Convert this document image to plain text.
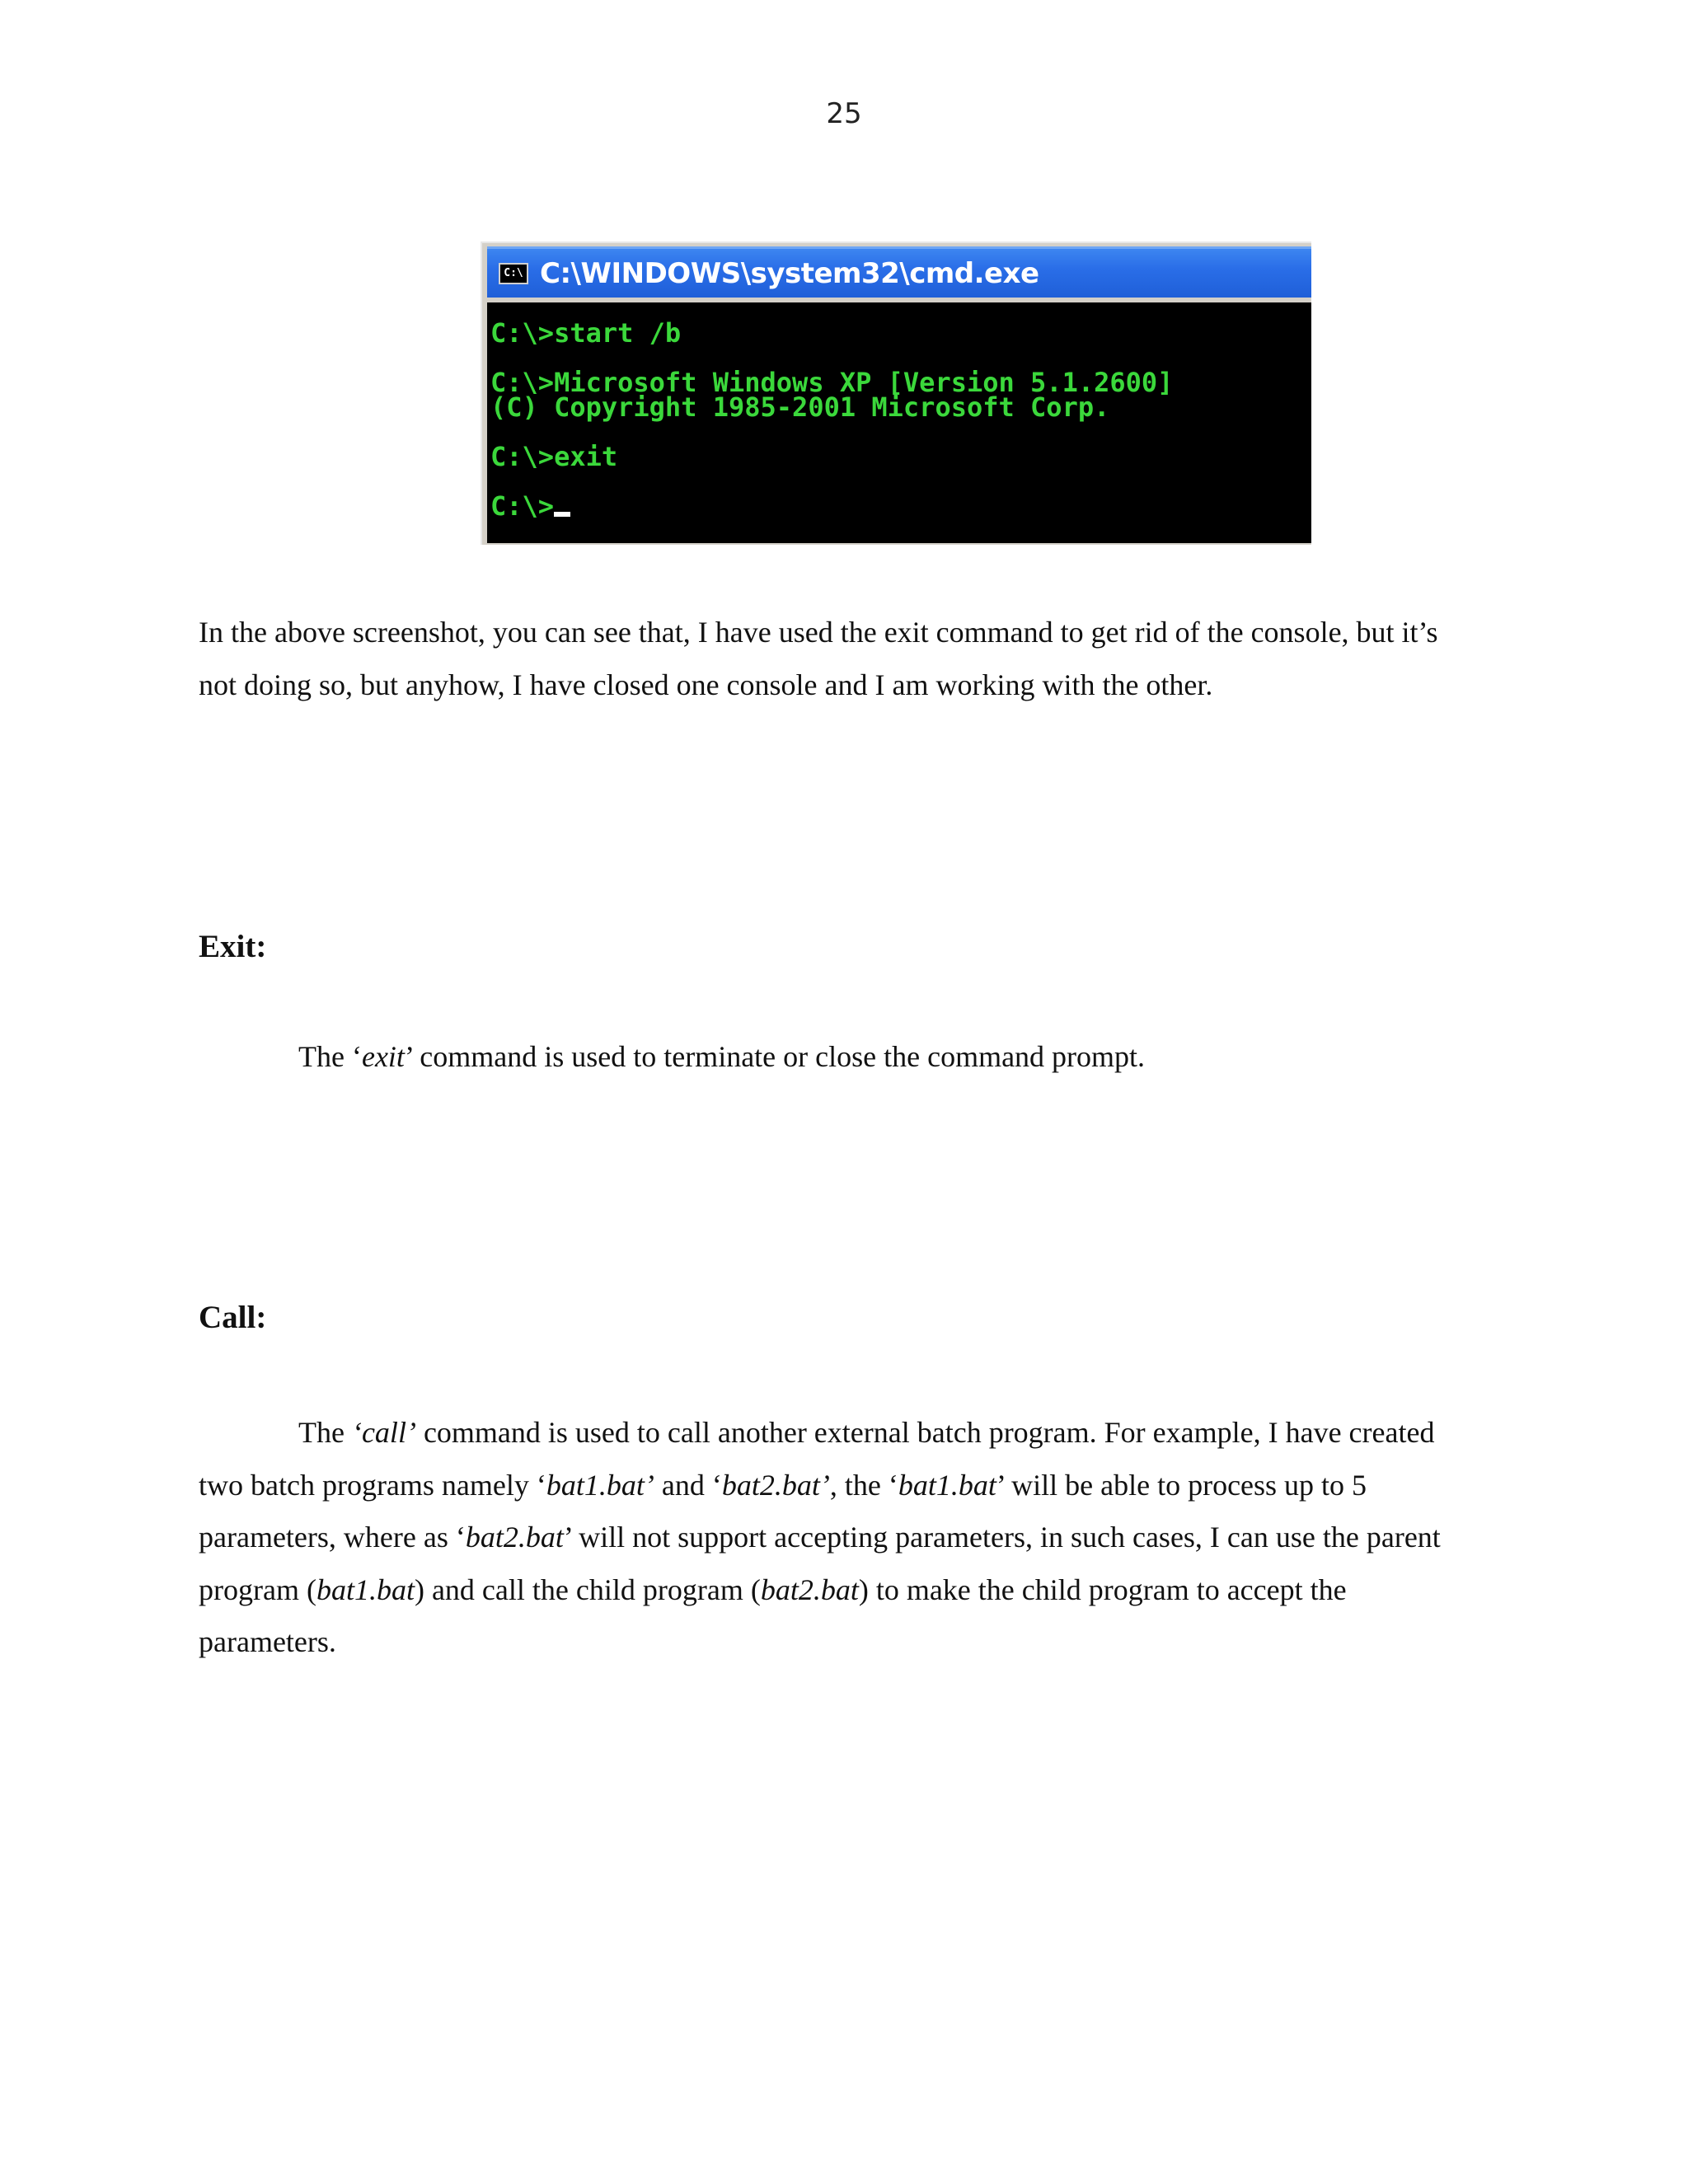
25
C:\ C:\WINDOWS\system32\cmd.exe
C:\>start /b
C:\>Microsoft Windows XP [Version 5.1.2600]
(C) Copyright 1985-2001 Microsoft Corp.
C:\>exit
C:\>
In the above screenshot, you can see that, I have used the exit command to get rid of the console, but it’s
not doing so, but anyhow, I have closed one console and I am working with the other.
Exit:
The ‘exit’ command is used to terminate or close the command prompt.
Call:
The ‘call’ command is used to call another external batch program. For example, I have created
two batch programs namely ‘bat1.bat’ and ‘bat2.bat’, the ‘bat1.bat’ will be able to process up to 5
parameters, where as ‘bat2.bat’ will not support accepting parameters, in such cases, I can use the parent
program (bat1.bat) and call the child program (bat2.bat) to make the child program to accept the
parameters.
